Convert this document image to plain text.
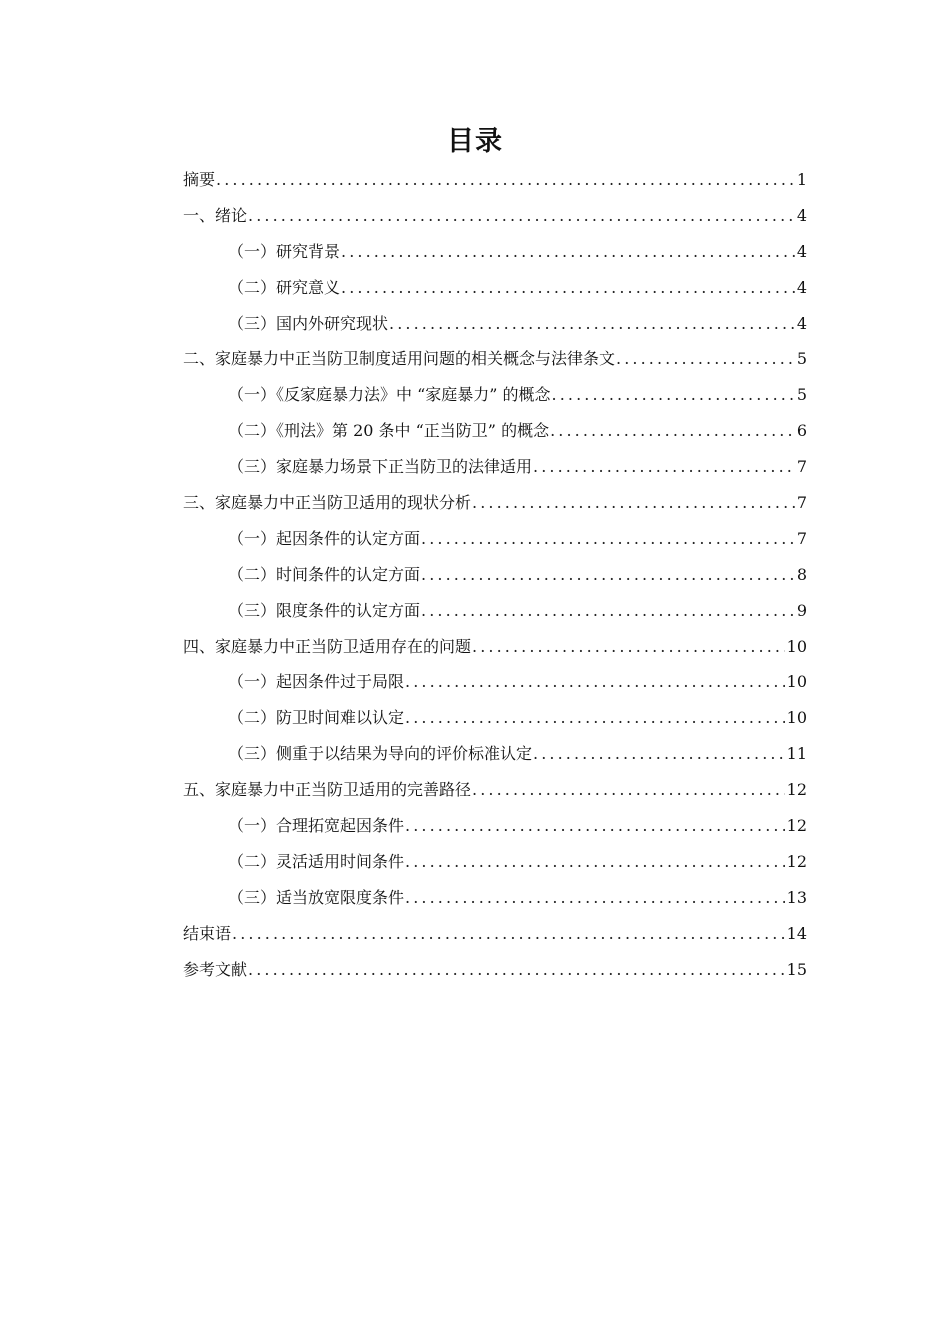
目录
摘要 .....	1
一、绪论 .....	4
（一）研究背景 .....	4
（二）研究意义 .....	4
（三）国内外研究现状 .....	4
二、家庭暴力中正当防卫制度适用问题的相关概念与法律条文 .....	5
（一）《反家庭暴力法》中 “家庭暴力” 的概念 .....	5
（二）《刑法》第 20 条中 “正当防卫” 的概念 .....	6
（三）家庭暴力场景下正当防卫的法律适用 .....	7
三、家庭暴力中正当防卫适用的现状分析 .....	7
（一）起因条件的认定方面 .....	7
（二）时间条件的认定方面 .....	8
（三）限度条件的认定方面 .....	9
四、家庭暴力中正当防卫适用存在的问题 .....	10
（一）起因条件过于局限 .....	10
（二）防卫时间难以认定 .....	10
（三）侧重于以结果为导向的评价标准认定 .....	11
五、家庭暴力中正当防卫适用的完善路径 .....	12
（一）合理拓宽起因条件 .....	12
（二）灵活适用时间条件 .....	12
（三）适当放宽限度条件 .....	13
结束语 .....	14
参考文献 .....	15
